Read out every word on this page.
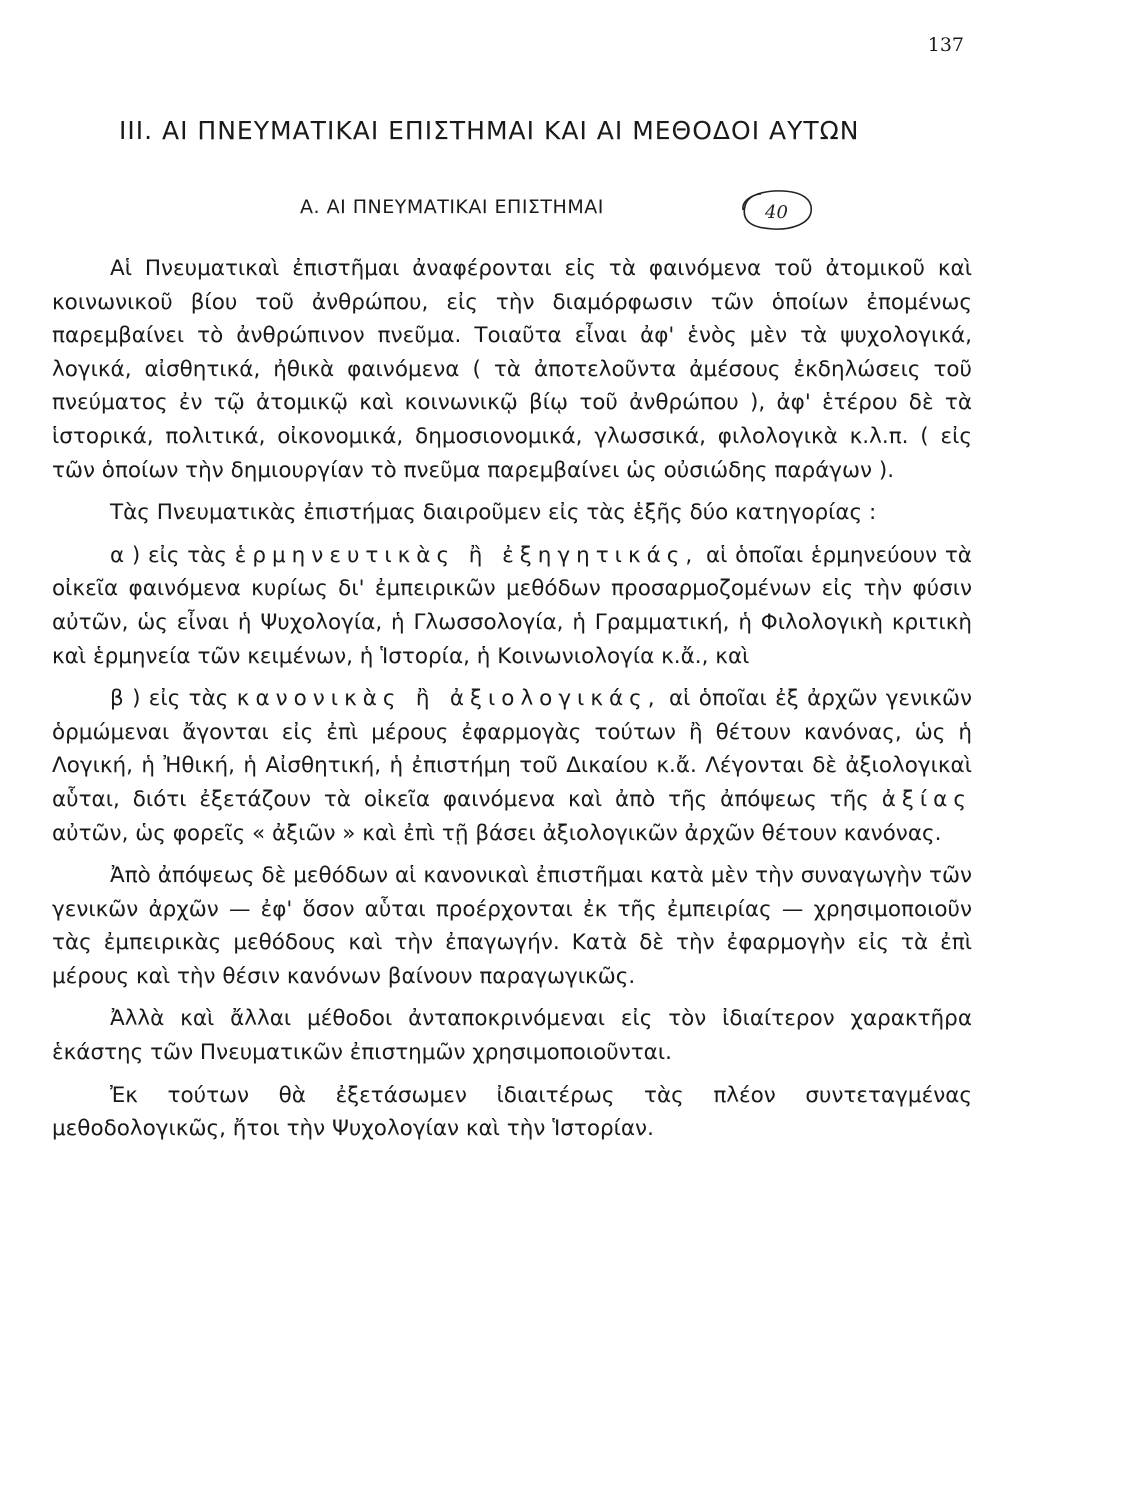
137
III. ΑΙ ΠΝΕΥΜΑΤΙΚΑΙ ΕΠΙΣΤΗΜΑΙ ΚΑΙ ΑΙ ΜΕΘΟΔΟΙ ΑΥΤΩΝ
Α. ΑΙ ΠΝΕΥΜΑΤΙΚΑΙ ΕΠΙΣΤΗΜΑΙ	40

Αἱ Πνευματικαὶ ἐπιστῆμαι ἀναφέρονται εἰς τὰ φαινόμενα τοῦ ἀτομικοῦ καὶ κοινωνικοῦ βίου τοῦ ἀνθρώπου, εἰς τὴν διαμόρφωσιν τῶν ὁποίων ἐπομένως παρεμβαίνει τὸ ἀνθρώπινον πνεῦμα. Τοιαῦτα εἶναι ἀφ' ἑνὸς μὲν τὰ ψυχολογικά, λογικά, αἰσθητικά, ἠθικὰ φαινόμενα ( τὰ ἀποτελοῦντα ἀμέσους ἐκδηλώσεις τοῦ πνεύματος ἐν τῷ ἀτομικῷ καὶ κοινωνικῷ βίῳ τοῦ ἀνθρώπου ), ἀφ' ἑτέρου δὲ τὰ ἱστορικά, πολιτικά, οἰκονομικά, δημοσιονομικά, γλωσσικά, φιλολογικὰ κ.λ.π. ( εἰς τῶν ὁποίων τὴν δημιουργίαν τὸ πνεῦμα παρεμβαίνει ὡς οὐσιώδης παράγων ).

Τὰς Πνευματικὰς ἐπιστήμας διαιροῦμεν εἰς τὰς ἑξῆς δύο κατηγορίας :

α ) εἰς τὰς ἑρμηνευτικὰς ἢ ἐξηγητικάς, αἱ ὁποῖαι ἑρμηνεύουν τὰ οἰκεῖα φαινόμενα κυρίως δι' ἐμπειρικῶν μεθόδων προσαρμοζομένων εἰς τὴν φύσιν αὐτῶν, ὡς εἶναι ἡ Ψυχολογία, ἡ Γλωσσολογία, ἡ Γραμματική, ἡ Φιλολογικὴ κριτικὴ καὶ ἑρμηνεία τῶν κειμένων, ἡ Ἱστορία, ἡ Κοινωνιολογία κ.ἄ., καὶ

β ) εἰς τὰς κανονικὰς ἢ ἀξιολογικάς, αἱ ὁποῖαι ἐξ ἀρχῶν γενικῶν ὁρμώμεναι ἄγονται εἰς ἐπὶ μέρους ἐφαρμογὰς τούτων ἢ θέτουν κανόνας, ὡς ἡ Λογική, ἡ Ἠθική, ἡ Αἰσθητική, ἡ ἐπιστήμη τοῦ Δικαίου κ.ἄ. Λέγονται δὲ ἀξιολογικαὶ αὗται, διότι ἐξετάζουν τὰ οἰκεῖα φαινόμενα καὶ ἀπὸ τῆς ἀπόψεως τῆς ἀξίας αὐτῶν, ὡς φορεῖς « ἀξιῶν » καὶ ἐπὶ τῇ βάσει ἀξιολογικῶν ἀρχῶν θέτουν κανόνας.

Ἀπὸ ἀπόψεως δὲ μεθόδων αἱ κανονικαὶ ἐπιστῆμαι κατὰ μὲν τὴν συναγωγὴν τῶν γενικῶν ἀρχῶν — ἐφ' ὅσον αὗται προέρχονται ἐκ τῆς ἐμπειρίας — χρησιμοποιοῦν τὰς ἐμπειρικὰς μεθόδους καὶ τὴν ἐπαγωγήν. Κατὰ δὲ τὴν ἐφαρμογὴν εἰς τὰ ἐπὶ μέρους καὶ τὴν θέσιν κανόνων βαίνουν παραγωγικῶς.

Ἀλλὰ καὶ ἄλλαι μέθοδοι ἀνταποκρινόμεναι εἰς τὸν ἰδιαίτερον χαρακτῆρα ἑκάστης τῶν Πνευματικῶν ἐπιστημῶν χρησιμοποιοῦνται.

Ἐκ τούτων θὰ ἐξετάσωμεν ἰδιαιτέρως τὰς πλέον συντεταγμένας μεθοδολογικῶς, ἤτοι τὴν Ψυχολογίαν καὶ τὴν Ἱστορίαν.
